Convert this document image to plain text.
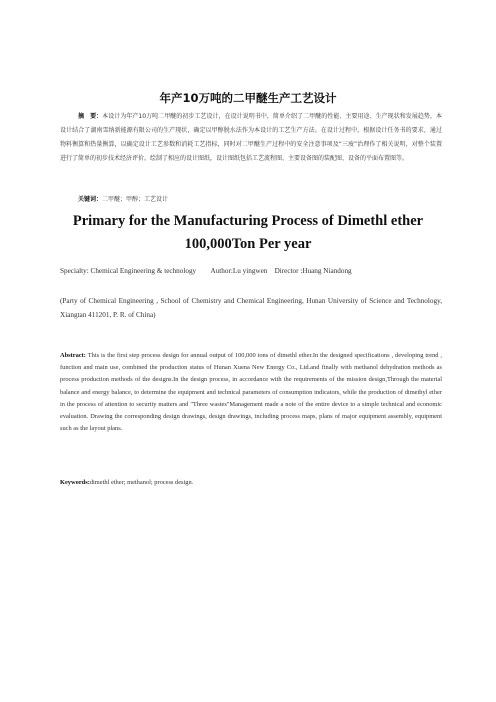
年产10万吨的二甲醚生产工艺设计
摘　要：本设计为年产10万吨二甲醚的初步工艺设计，在设计说明书中，简单介绍了二甲醚的性能、主要用途、生产现状和发展趋势，本设计结合了湖南雪纳新能源有限公司的生产现状，确定以甲醇脱水法作为本设计的工艺生产方法。在设计过程中，根据设计任务书的要求，通过物料衡算和热量衡算，以确定设计工艺参数和消耗工艺指标，同时对二甲醚生产过程中的安全注意事项及“三废”治理作了相关说明，对整个装置进行了简单的初步技术经济评价。绘制了相应的设计图纸，设计图纸包括工艺流程图、主要设备图的装配图、设备的平面布置图等。
关键词：二甲醚；甲醇；工艺设计
Primary for the Manufacturing Process of Dimethl ether
100,000Ton Per year
Specialty: Chemical Engineering & technology　　Author:Lu yingwen　Director :Huang Niandong
(Party of Chemical Engineering , School of Chemistry and Chemical Engineering, Hunan University of Science and Technology, Xiangtan 411201, P. R. of China)
Abstract: This is the first step process design for annual output of 100,000 tons of dimethl ether.In the designed specifications , developing trend , function and main use, combined the production status of Hunan Xuena New Energy Co., Ltd.and finally with methanol dehydration methods as process production methods of the designs.In the design process, in accordance with the requirements of the mission design,Through the material balance and energy balance, to determine the equipment and technical parameters of consumption indicators, while the production of dimethyl ether in the process of attention to security matters and "Three wastes"Management made a note of the entire device to a simple technical and economic evaluation. Drawing the corresponding design drawings, design drawings, including process maps, plans of major equipment assembly, equipment such as the layout plans.
Keywords:dimethl ether; methanol; process design.
